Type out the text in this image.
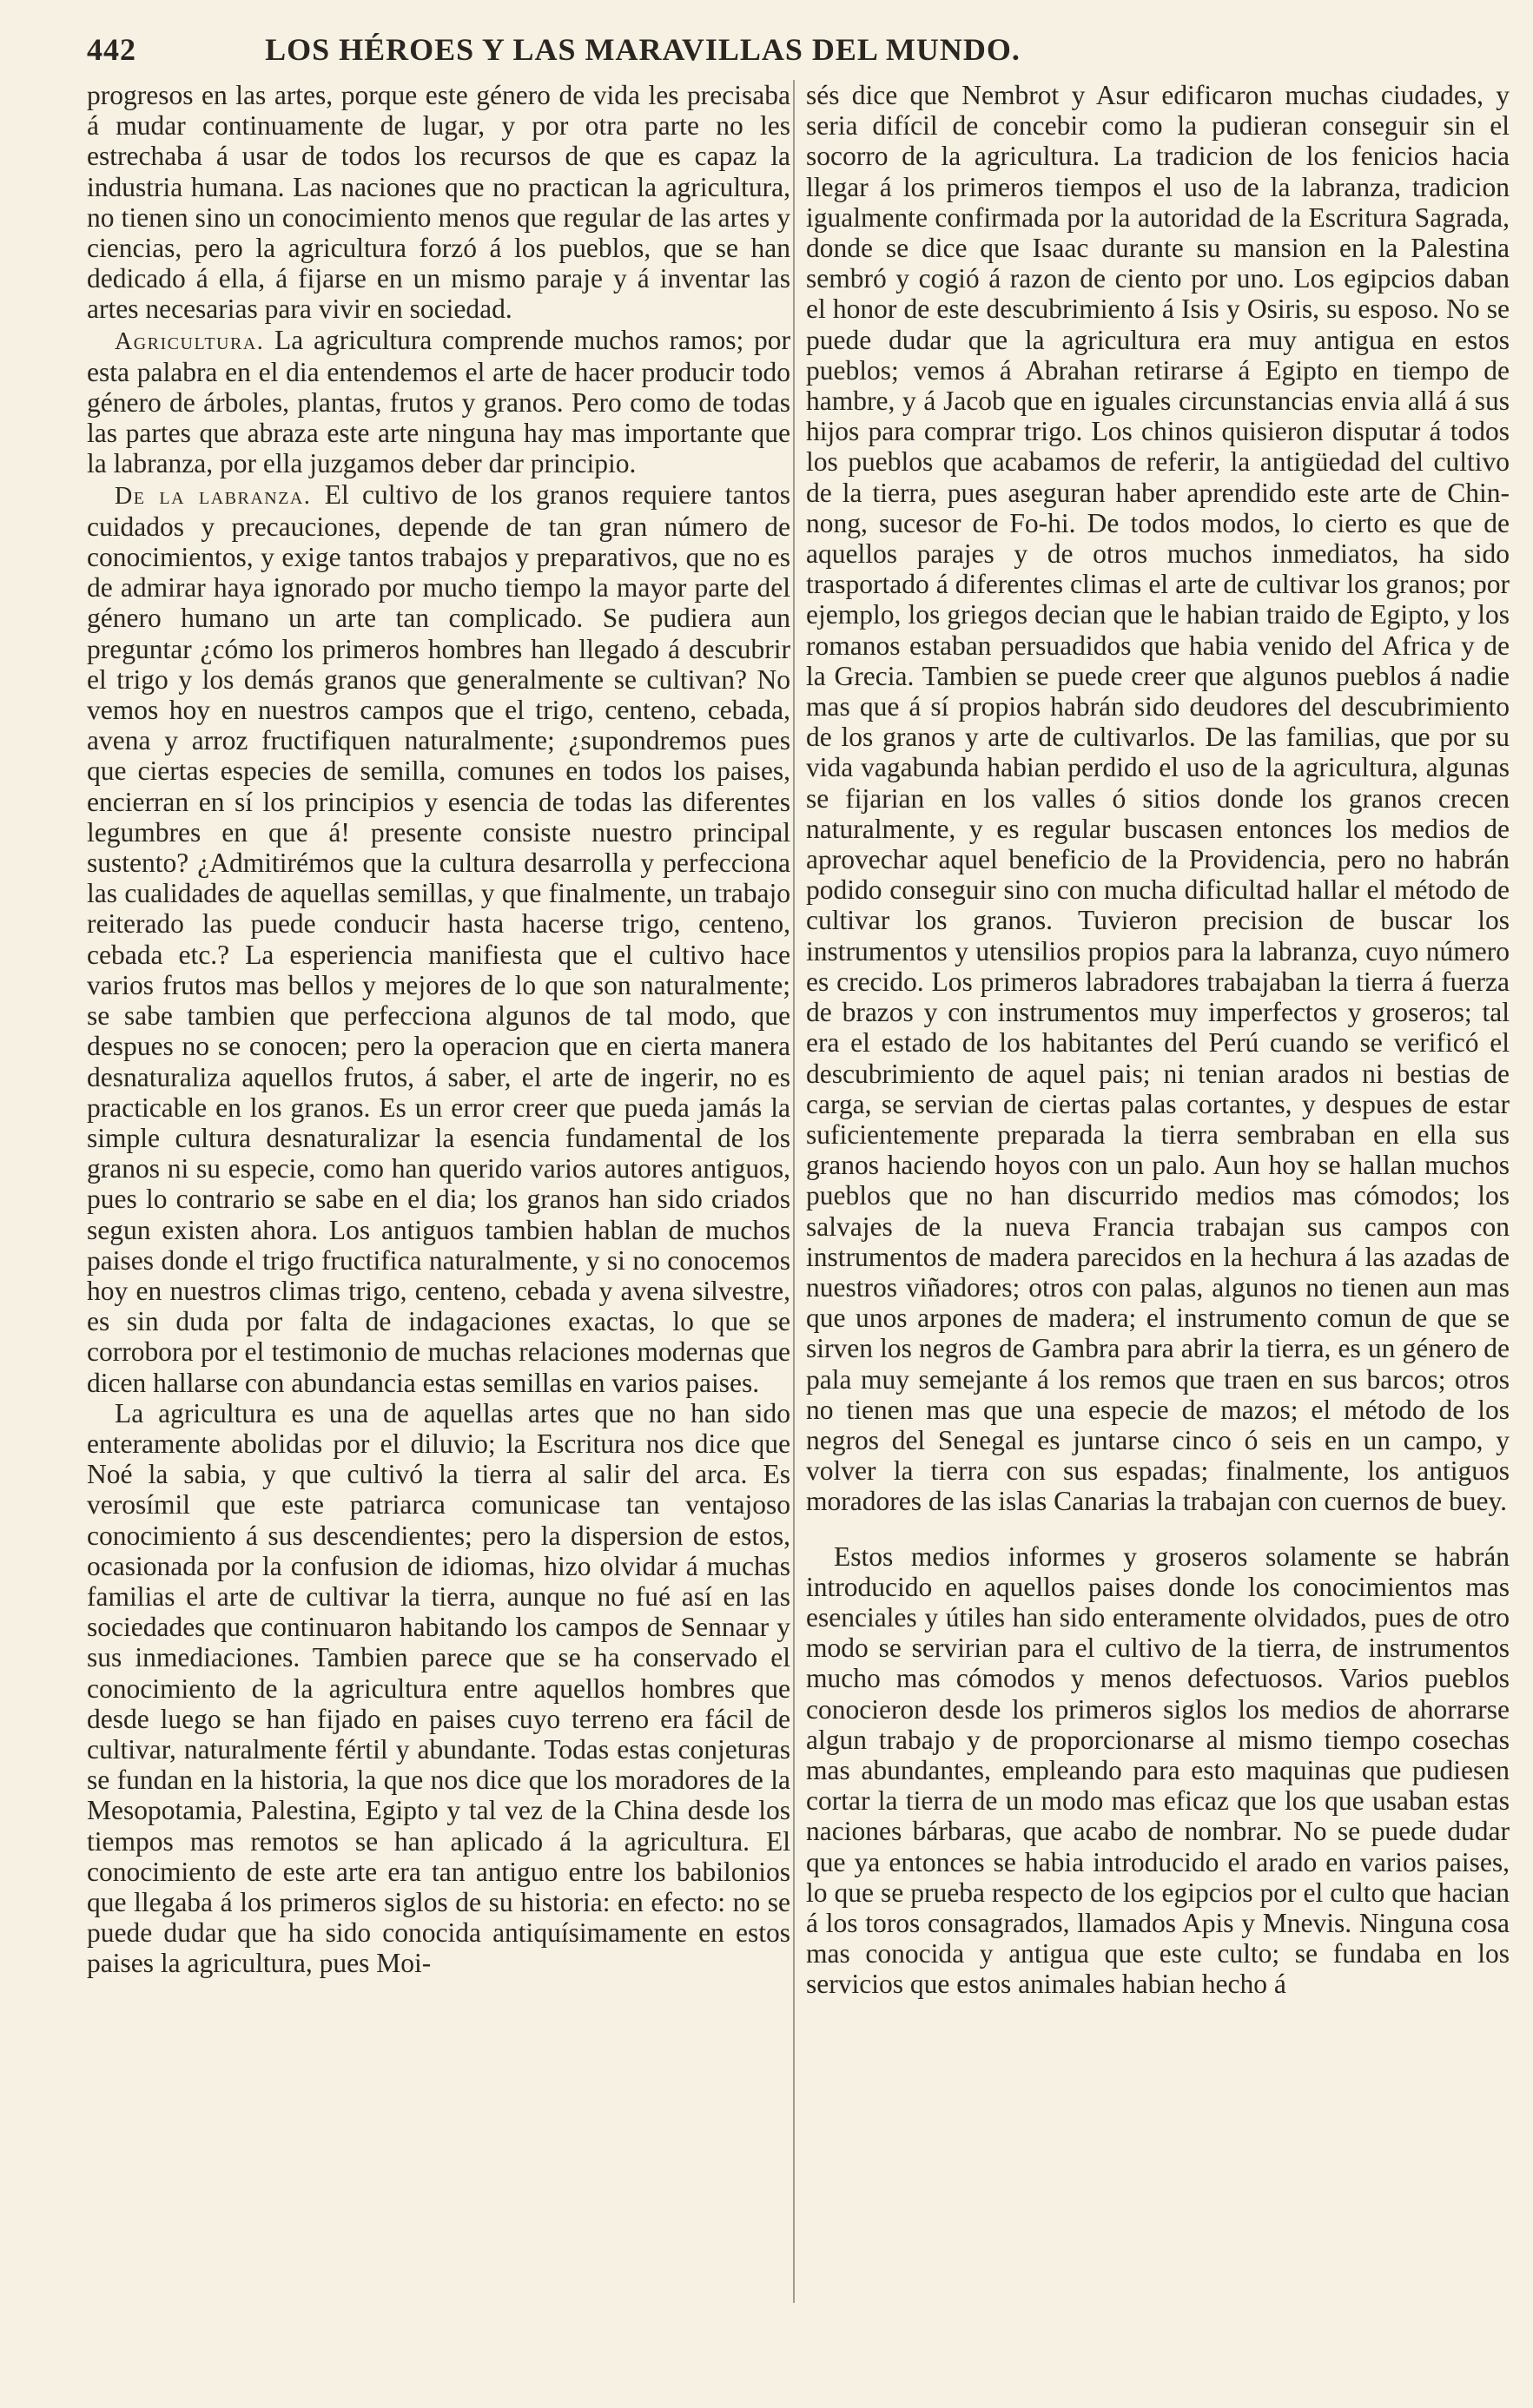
442	LOS HÉROES Y LAS MARAVILLAS DEL MUNDO.

progresos en las artes, porque este género de vida les precisaba á mudar continuamente de lugar, y por otra parte no les estrechaba á usar de todos los recursos de que es capaz la industria humana. Las naciones que no practican la agricultura, no tienen sino un conocimiento menos que regular de las artes y ciencias, pero la agricultura forzó á los pueblos, que se han dedicado á ella, á fijarse en un mismo paraje y á inventar las artes necesarias para vivir en sociedad.

Agricultura. La agricultura comprende muchos ramos; por esta palabra en el dia entendemos el arte de hacer producir todo género de árboles, plantas, frutos y granos. Pero como de todas las partes que abraza este arte ninguna hay mas importante que la labranza, por ella juzgamos deber dar principio.

De la labranza. El cultivo de los granos requiere tantos cuidados y precauciones, depende de tan gran número de conocimientos, y exige tantos trabajos y preparativos, que no es de admirar haya ignorado por mucho tiempo la mayor parte del género humano un arte tan complicado. Se pudiera aun preguntar ¿cómo los primeros hombres han llegado á descubrir el trigo y los demás granos que generalmente se cultivan? No vemos hoy en nuestros campos que el trigo, centeno, cebada, avena y arroz fructifiquen naturalmente; ¿supondremos pues que ciertas especies de semilla, comunes en todos los paises, encierran en sí los principios y esencia de todas las diferentes legumbres en que á! presente consiste nuestro principal sustento? ¿Admitirémos que la cultura desarrolla y perfecciona las cualidades de aquellas semillas, y que finalmente, un trabajo reiterado las puede conducir hasta hacerse trigo, centeno, cebada etc.? La esperiencia manifiesta que el cultivo hace varios frutos mas bellos y mejores de lo que son naturalmente; se sabe tambien que perfecciona algunos de tal modo, que despues no se conocen; pero la operacion que en cierta manera desnaturaliza aquellos frutos, á saber, el arte de ingerir, no es practicable en los granos. Es un error creer que pueda jamás la simple cultura desnaturalizar la esencia fundamental de los granos ni su especie, como han querido varios autores antiguos, pues lo contrario se sabe en el dia; los granos han sido criados segun existen ahora. Los antiguos tambien hablan de muchos paises donde el trigo fructifica naturalmente, y si no conocemos hoy en nuestros climas trigo, centeno, cebada y avena silvestre, es sin duda por falta de indagaciones exactas, lo que se corrobora por el testimonio de muchas relaciones modernas que dicen hallarse con abundancia estas semillas en varios paises.

La agricultura es una de aquellas artes que no han sido enteramente abolidas por el diluvio; la Escritura nos dice que Noé la sabia, y que cultivó la tierra al salir del arca. Es verosímil que este patriarca comunicase tan ventajoso conocimiento á sus descendientes; pero la dispersion de estos, ocasionada por la confusion de idiomas, hizo olvidar á muchas familias el arte de cultivar la tierra, aunque no fué así en las sociedades que continuaron habitando los campos de Sennaar y sus inmediaciones. Tambien parece que se ha conservado el conocimiento de la agricultura entre aquellos hombres que desde luego se han fijado en paises cuyo terreno era fácil de cultivar, naturalmente fértil y abundante. Todas estas conjeturas se fundan en la historia, la que nos dice que los moradores de la Mesopotamia, Palestina, Egipto y tal vez de la China desde los tiempos mas remotos se han aplicado á la agricultura. El conocimiento de este arte era tan antiguo entre los babilonios que llegaba á los primeros siglos de su historia: en efecto: no se puede dudar que ha sido conocida antiquísimamente en estos paises la agricultura, pues Moi-

sés dice que Nembrot y Asur edificaron muchas ciudades, y seria difícil de concebir como la pudieran conseguir sin el socorro de la agricultura. La tradicion de los fenicios hacia llegar á los primeros tiempos el uso de la labranza, tradicion igualmente confirmada por la autoridad de la Escritura Sagrada, donde se dice que Isaac durante su mansion en la Palestina sembró y cogió á razon de ciento por uno. Los egipcios daban el honor de este descubrimiento á Isis y Osiris, su esposo. No se puede dudar que la agricultura era muy antigua en estos pueblos; vemos á Abrahan retirarse á Egipto en tiempo de hambre, y á Jacob que en iguales circunstancias envia allá á sus hijos para comprar trigo. Los chinos quisieron disputar á todos los pueblos que acabamos de referir, la antigüedad del cultivo de la tierra, pues aseguran haber aprendido este arte de Chin-nong, sucesor de Fo-hi. De todos modos, lo cierto es que de aquellos parajes y de otros muchos inmediatos, ha sido trasportado á diferentes climas el arte de cultivar los granos; por ejemplo, los griegos decian que le habian traido de Egipto, y los romanos estaban persuadidos que habia venido del Africa y de la Grecia. Tambien se puede creer que algunos pueblos á nadie mas que á sí propios habrán sido deudores del descubrimiento de los granos y arte de cultivarlos. De las familias, que por su vida vagabunda habian perdido el uso de la agricultura, algunas se fijarian en los valles ó sitios donde los granos crecen naturalmente, y es regular buscasen entonces los medios de aprovechar aquel beneficio de la Providencia, pero no habrán podido conseguir sino con mucha dificultad hallar el método de cultivar los granos. Tuvieron precision de buscar los instrumentos y utensilios propios para la labranza, cuyo número es crecido. Los primeros labradores trabajaban la tierra á fuerza de brazos y con instrumentos muy imperfectos y groseros; tal era el estado de los habitantes del Perú cuando se verificó el descubrimiento de aquel pais; ni tenian arados ni bestias de carga, se servian de ciertas palas cortantes, y despues de estar suficientemente preparada la tierra sembraban en ella sus granos haciendo hoyos con un palo. Aun hoy se hallan muchos pueblos que no han discurrido medios mas cómodos; los salvajes de la nueva Francia trabajan sus campos con instrumentos de madera parecidos en la hechura á las azadas de nuestros viñadores; otros con palas, algunos no tienen aun mas que unos arpones de madera; el instrumento comun de que se sirven los negros de Gambra para abrir la tierra, es un género de pala muy semejante á los remos que traen en sus barcos; otros no tienen mas que una especie de mazos; el método de los negros del Senegal es juntarse cinco ó seis en un campo, y volver la tierra con sus espadas; finalmente, los antiguos moradores de las islas Canarias la trabajan con cuernos de buey.

Estos medios informes y groseros solamente se habrán introducido en aquellos paises donde los conocimientos mas esenciales y útiles han sido enteramente olvidados, pues de otro modo se servirian para el cultivo de la tierra, de instrumentos mucho mas cómodos y menos defectuosos. Varios pueblos conocieron desde los primeros siglos los medios de ahorrarse algun trabajo y de proporcionarse al mismo tiempo cosechas mas abundantes, empleando para esto maquinas que pudiesen cortar la tierra de un modo mas eficaz que los que usaban estas naciones bárbaras, que acabo de nombrar. No se puede dudar que ya entonces se habia introducido el arado en varios paises, lo que se prueba respecto de los egipcios por el culto que hacian á los toros consagrados, llamados Apis y Mnevis. Ninguna cosa mas conocida y antigua que este culto; se fundaba en los servicios que estos animales habian hecho á
